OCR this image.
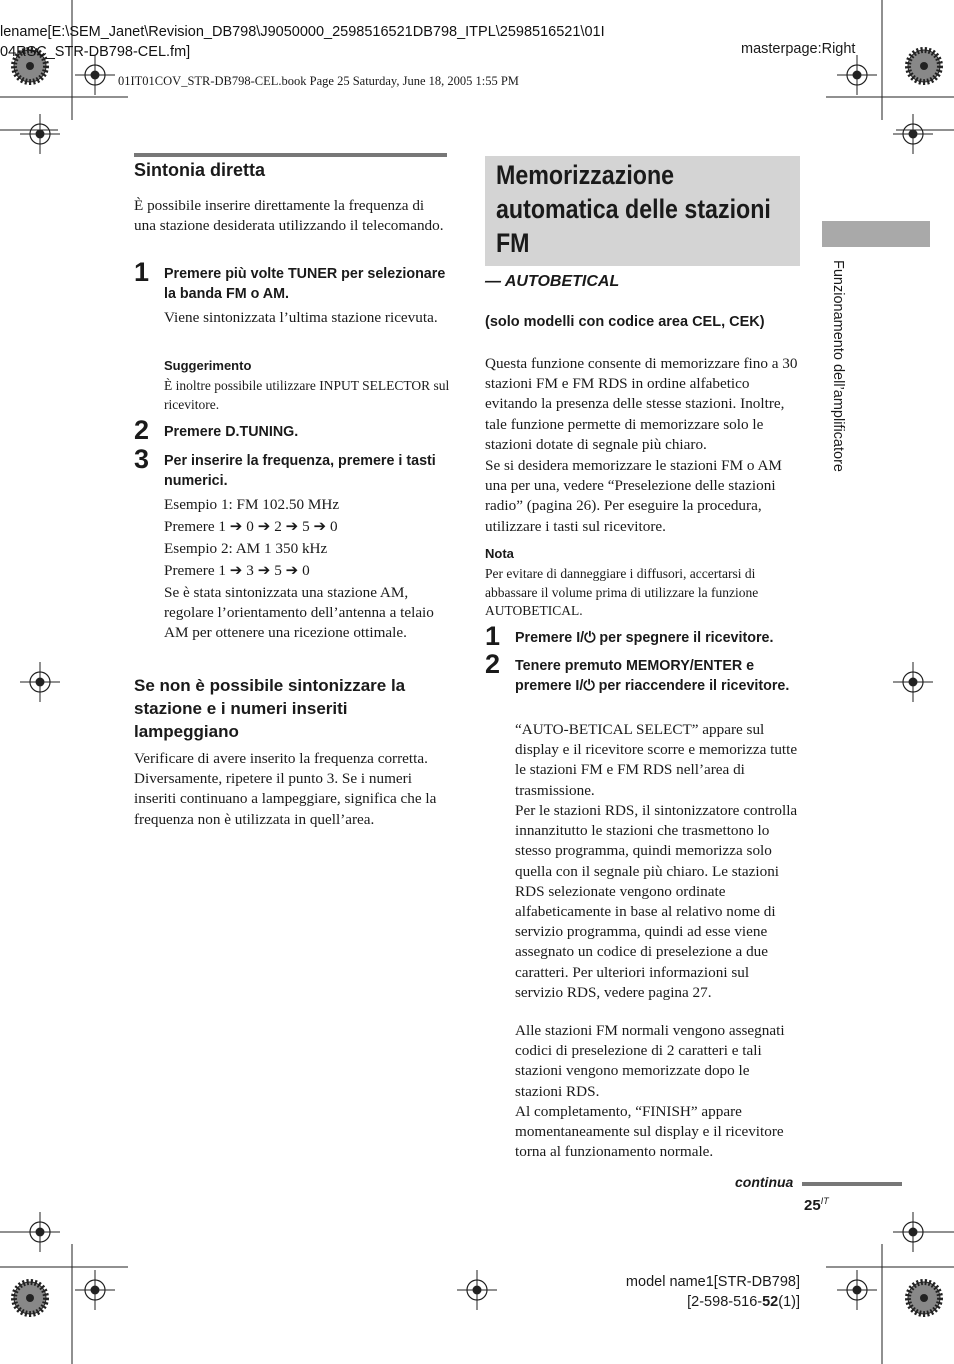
lename[E:\SEM_Janet\Revision_DB798\J9050000_2598516521DB798_ITPL\2598516521\01I
04RSC_STR-DB798-CEL.fm]	masterpage:Right
01IT01COV_STR-DB798-CEL.book Page 25 Saturday, June 18, 2005 1:55 PM
Sintonia diretta
È possibile inserire direttamente la frequenza di una stazione desiderata utilizzando il telecomando.
1 Premere più volte TUNER per selezionare la banda FM o AM.
Viene sintonizzata l’ultima stazione ricevuta.
Suggerimento
È inoltre possibile utilizzare INPUT SELECTOR sul ricevitore.
2 Premere D.TUNING.
3 Per inserire la frequenza, premere i tasti numerici.
Esempio 1: FM 102.50 MHz
Premere 1 ➔ 0 ➔ 2 ➔ 5 ➔ 0
Esempio 2: AM 1 350 kHz
Premere 1 ➔ 3 ➔ 5 ➔ 0
Se è stata sintonizzata una stazione AM, regolare l’orientamento dell’antenna a telaio AM per ottenere una ricezione ottimale.
Se non è possibile sintonizzare la stazione e i numeri inseriti lampeggiano
Verificare di avere inserito la frequenza corretta. Diversamente, ripetere il punto 3. Se i numeri inseriti continuano a lampeggiare, significa che la frequenza non è utilizzata in quell’area.
Memorizzazione automatica delle stazioni FM
— AUTOBETICAL
(solo modelli con codice area CEL, CEK)
Questa funzione consente di memorizzare fino a 30 stazioni FM e FM RDS in ordine alfabetico evitando la presenza delle stesse stazioni. Inoltre, tale funzione permette di memorizzare solo le stazioni dotate di segnale più chiaro.
Se si desidera memorizzare le stazioni FM o AM una per una, vedere “Preselezione delle stazioni radio” (pagina 26). Per eseguire la procedura, utilizzare i tasti sul ricevitore.
Nota
Per evitare di danneggiare i diffusori, accertarsi di abbassare il volume prima di utilizzare la funzione AUTOBETICAL.
1 Premere I/⏻ per spegnere il ricevitore.
2 Tenere premuto MEMORY/ENTER e premere I/⏻ per riaccendere il ricevitore.
“AUTO-BETICAL SELECT” appare sul display e il ricevitore scorre e memorizza tutte le stazioni FM e FM RDS nell’area di trasmissione.
Per le stazioni RDS, il sintonizzatore controlla innanzitutto le stazioni che trasmettono lo stesso programma, quindi memorizza solo quella con il segnale più chiaro. Le stazioni RDS selezionate vengono ordinate alfabeticamente in base al relativo nome di servizio programma, quindi ad esse viene assegnato un codice di preselezione a due caratteri. Per ulteriori informazioni sul servizio RDS, vedere pagina 27.
Alle stazioni FM normali vengono assegnati codici di preselezione di 2 caratteri e tali stazioni vengono memorizzate dopo le stazioni RDS.
Al completamento, “FINISH” appare momentaneamente sul display e il ricevitore torna al funzionamento normale.
Funzionamento dell’amplificatore
continua
$25^{IT}$
model name1[STR-DB798]
[2-598-516-52(1)]
